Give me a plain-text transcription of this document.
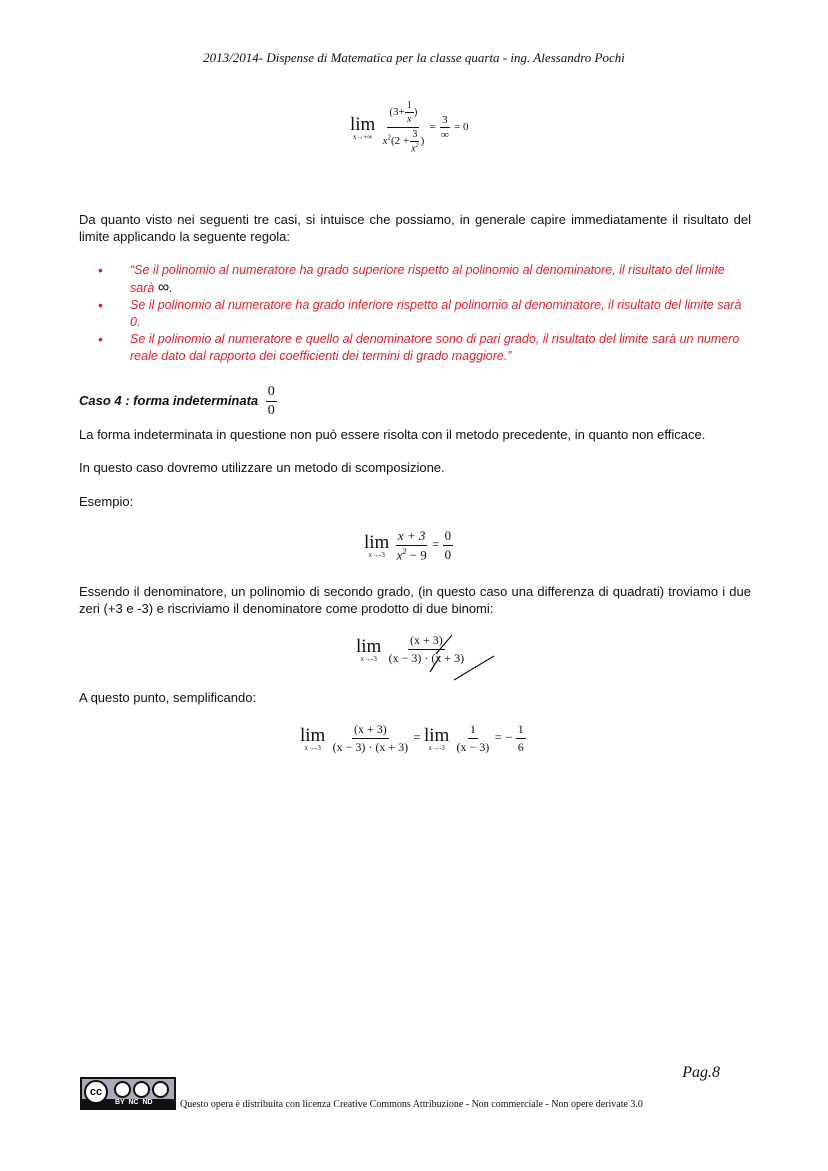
2013/2014- Dispense di Matematica per la classe quarta - ing. Alessandro Pochì
lim
x→+∞
$\frac{(3+ \frac{1}{x} )}{x^2(2 + \frac{3}{x^2} )} = \frac{3}{\infty} = 0$
Da quanto visto nei seguenti tre casi, si intuisce che possiamo, in generale capire immediatamente il risultato del limite applicando la seguente regola:
• “Se il polinomio al numeratore ha grado superiore rispetto al polinomio al denominatore, il risultato del limite sarà ∞.
• Se il polinomio al numeratore ha grado inferiore rispetto al polinomio al denominatore, il risultato del limite sarà 0.
• Se il polinomio al numeratore e quello al denominatore sono di pari grado, il risultato del limite sarà un numero reale dato dal rapporto dei coefficienti dei termini di grado maggiore.”
Caso 4 : forma indeterminata $\frac{0}{0}$
La forma indeterminata in questione non può essere risolta con il metodo precedente, in quanto non efficace.
In questo caso dovremo utilizzare un metodo di scomposizione.
Esempio:
lim
x→-3
$\frac{x + 3}{x^2 - 9} = \frac{0}{0}$
Essendo il denominatore, un polinomio di secondo grado, (in questo caso una differenza di quadrati) troviamo i due zeri (+3 e -3) e riscriviamo il denominatore come prodotto di due binomi:
lim
x→-3
$\frac{(x + 3)}{(x - 3) \cdot (x + 3)}$
A questo punto, semplificando:
lim
x→-3
$\frac{(x + 3)}{(x - 3) \cdot (x + 3)} = \lim$
x→-3
$\frac{1}{(x - 3)}$ = − $\frac{1}{6}$
Pag.8
cc
BY  NC  ND	Questo opera è distribuita con licenza Creative Commons Attribuzione - Non commerciale - Non opere derivate 3.0
